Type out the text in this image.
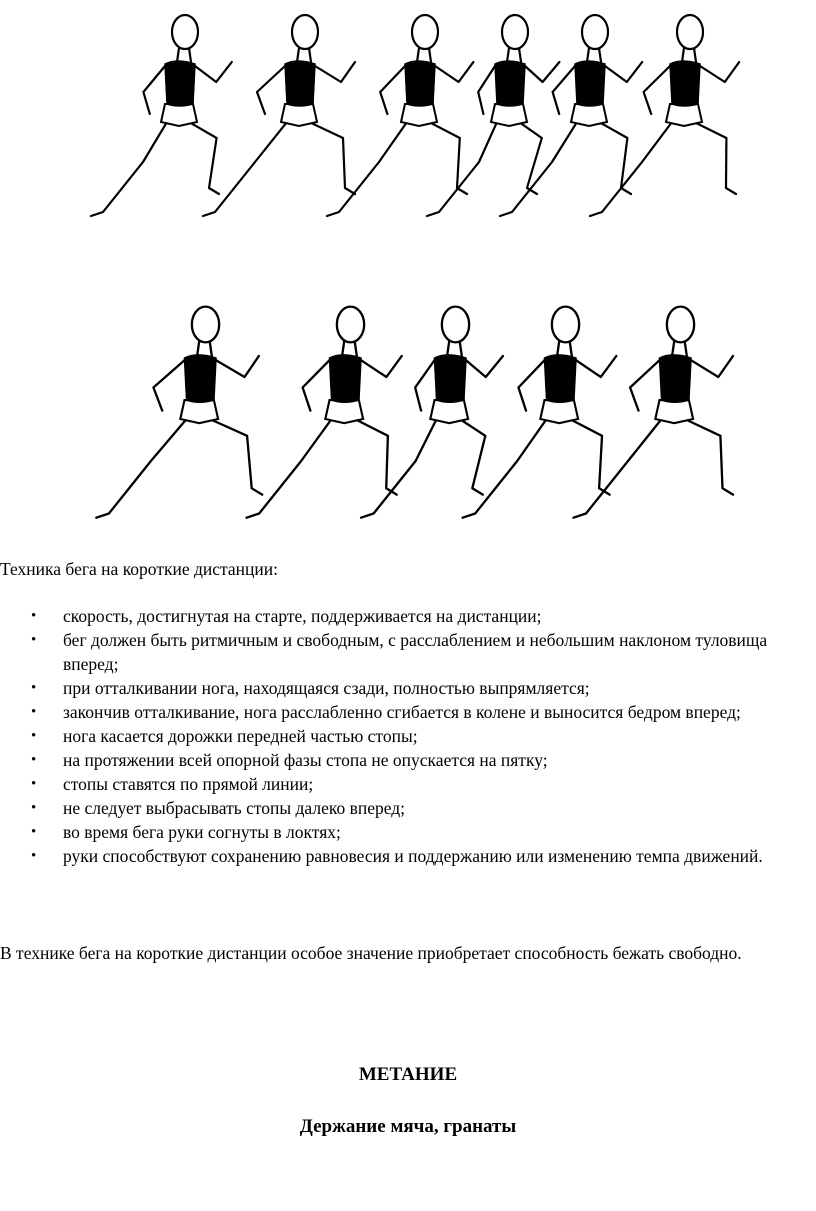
Техника бега на короткие дистанции:
• скорость, достигнутая на старте, поддерживается на дистанции;
• бег должен быть ритмичным и свободным, с расслаблением и небольшим наклоном туловища вперед;
• при отталкивании нога, находящаяся сзади, полностью выпрямляется;
• закончив отталкивание, нога расслабленно сгибается в колене и выносится бедром вперед;
• нога касается дорожки передней частью стопы;
• на протяжении всей опорной фазы стопа не опускается на пятку;
• стопы ставятся по прямой линии;
• не следует выбрасывать стопы далеко вперед;
• во время бега руки согнуты в локтях;
• руки способствуют сохранению равновесия и поддержанию или изменению темпа движений.
В технике бега на короткие дистанции особое значение приобретает способность бежать свободно.
МЕТАНИЕ
Держание мяча, гранаты
